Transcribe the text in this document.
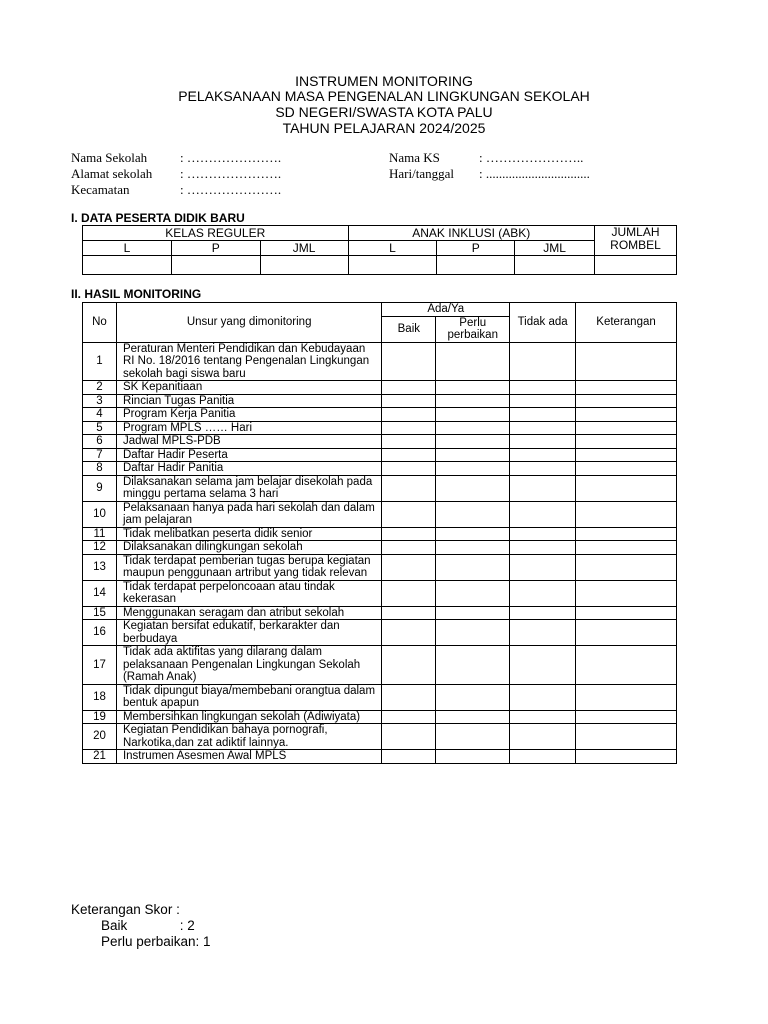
INSTRUMEN MONITORING
PELAKSANAAN MASA PENGENALAN LINGKUNGAN SEKOLAH
SD NEGERI/SWASTA KOTA PALU
TAHUN PELAJARAN 2024/2025
Nama Sekolah	: ………………….
Alamat sekolah : ………………….
Kecamatan	: ………………….
Nama KS	: …………………..
Hari/tanggal : ................................
I. DATA PESERTA DIDIK BARU
KELAS REGULER			ANAK INKLUSI (ABK)			JUMLAH
ROMBEL
L	P	JML	L	P	JML	

II. HASIL MONITORING
No	Unsur yang dimonitoring	Ada/Ya		Tidak ada	Keterangan
		Baik	Perlu perbaikan		
1	Peraturan Menteri Pendidikan dan Kebudayaan RI No. 18/2016 tentang Pengenalan Lingkungan sekolah bagi siswa baru				
2	SK Kepanitiaan				
3	Rincian Tugas Panitia				
4	Program Kerja Panitia				
5	Program MPLS …… Hari				
6	Jadwal MPLS-PDB				
7	Daftar Hadir Peserta				
8	Daftar Hadir Panitia				
9	Dilaksanakan selama jam belajar disekolah pada minggu pertama selama 3 hari				
10	Pelaksanaan hanya pada hari sekolah dan dalam jam pelajaran				
11	Tidak melibatkan peserta didik senior				
12	Dilaksanakan dilingkungan sekolah				
13	Tidak terdapat pemberian tugas berupa kegiatan maupun penggunaan artribut yang tidak relevan				
14	Tidak terdapat perpeloncoaan atau tindak kekerasan				
15	Menggunakan seragam dan atribut sekolah				
16	Kegiatan bersifat edukatif, berkarakter dan berbudaya				
17	Tidak ada aktifitas yang dilarang dalam pelaksanaan Pengenalan Lingkungan Sekolah (Ramah Anak)				
18	Tidak dipungut biaya/membebani orangtua dalam bentuk apapun				
19	Membersihkan lingkungan sekolah (Adiwiyata)				
20	Kegiatan Pendidikan bahaya pornografi, Narkotika,dan zat adiktif lainnya.				
21	Instrumen Asesmen Awal MPLS				
Keterangan Skor :
Baik              : 2
Perlu perbaikan: 1
